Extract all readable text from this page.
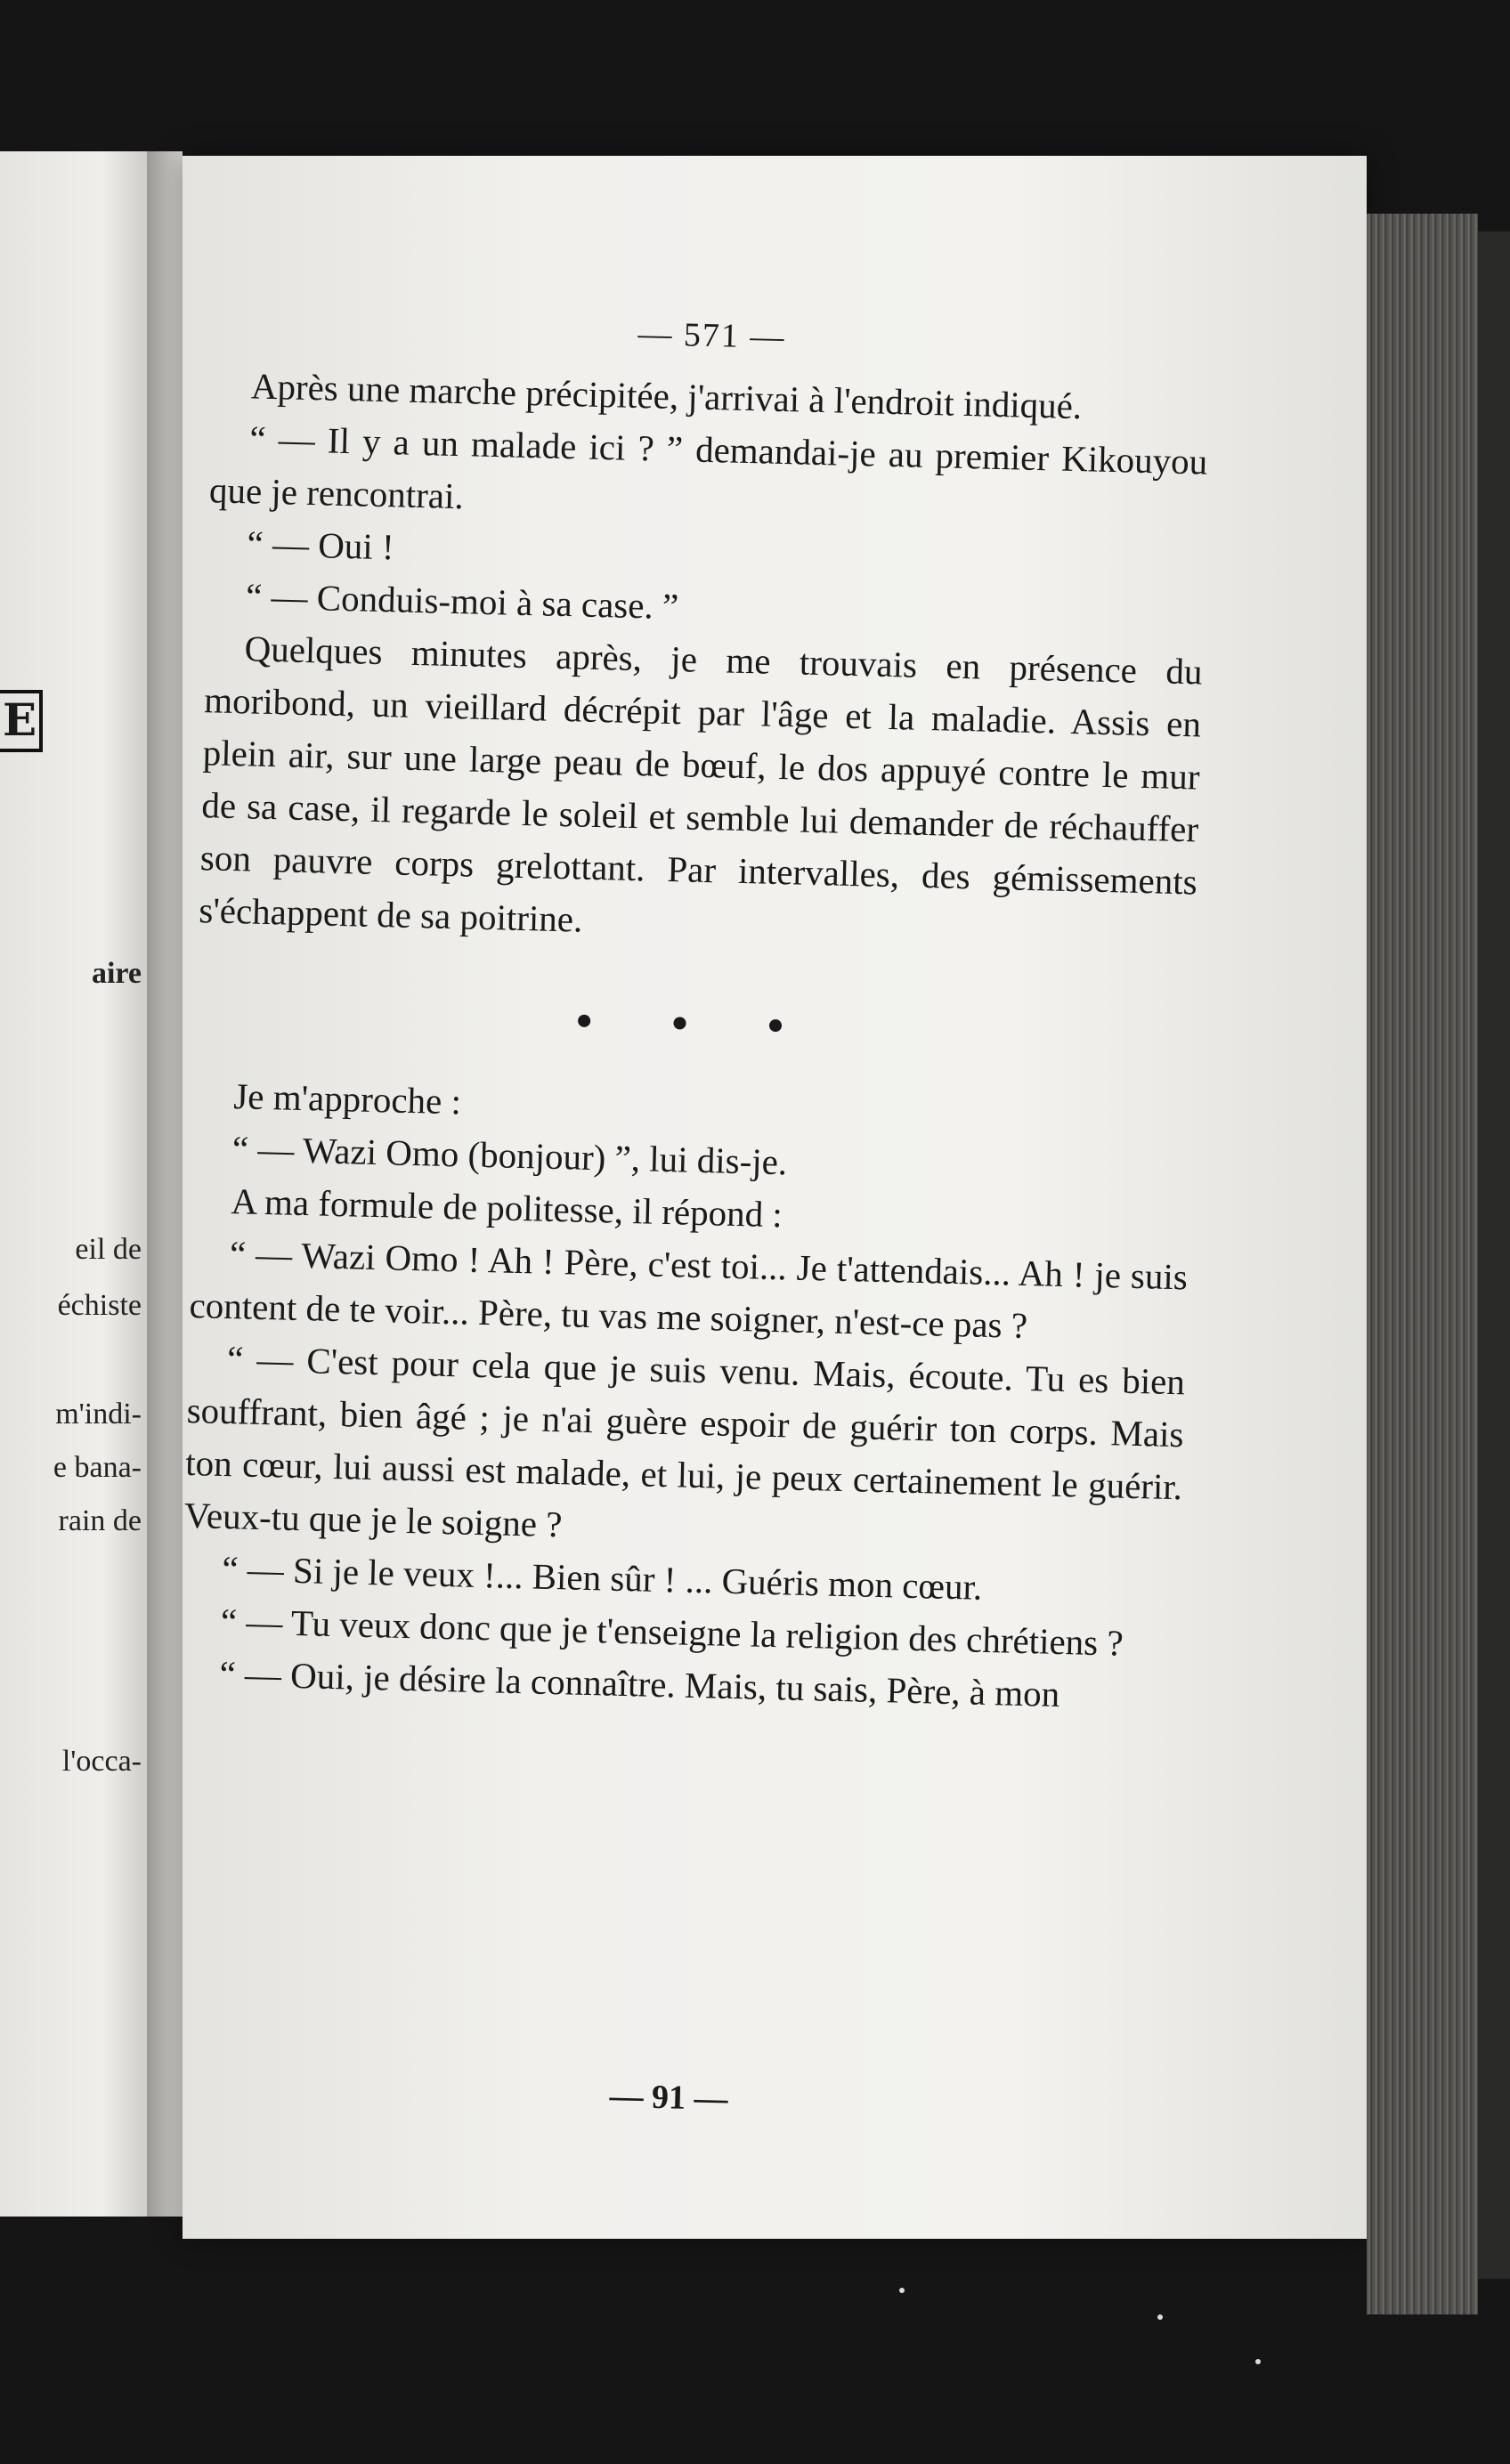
E
aire
eil de
échiste
m'indi-
e bana-
rain de
l'occa-
— 571 —

Après une marche précipitée, j'arrivai à l'endroit indiqué.

“ — Il y a un malade ici ? ” demandai-je au premier Kikouyou que je rencontrai.

“ — Oui !

“ — Conduis-moi à sa case. ”

Quelques minutes après, je me trouvais en présence du moribond, un vieillard décrépit par l'âge et la maladie. Assis en plein air, sur une large peau de bœuf, le dos appuyé contre le mur de sa case, il regarde le soleil et semble lui demander de réchauffer son pauvre corps grelottant. Par intervalles, des gémissements s'échappent de sa poitrine.

• • •

Je m'approche :

“ — Wazi Omo (bonjour) ”, lui dis-je.

A ma formule de politesse, il répond :

“ — Wazi Omo ! Ah ! Père, c'est toi... Je t'attendais... Ah ! je suis content de te voir... Père, tu vas me soigner, n'est-ce pas ?

“ — C'est pour cela que je suis venu. Mais, écoute. Tu es bien souffrant, bien âgé ; je n'ai guère espoir de guérir ton corps. Mais ton cœur, lui aussi est malade, et lui, je peux certainement le guérir. Veux-tu que je le soigne ?

“ — Si je le veux !... Bien sûr ! ... Guéris mon cœur.

“ — Tu veux donc que je t'enseigne la religion des chrétiens ?

“ — Oui, je désire la connaître. Mais, tu sais, Père, à mon

— 91 —
